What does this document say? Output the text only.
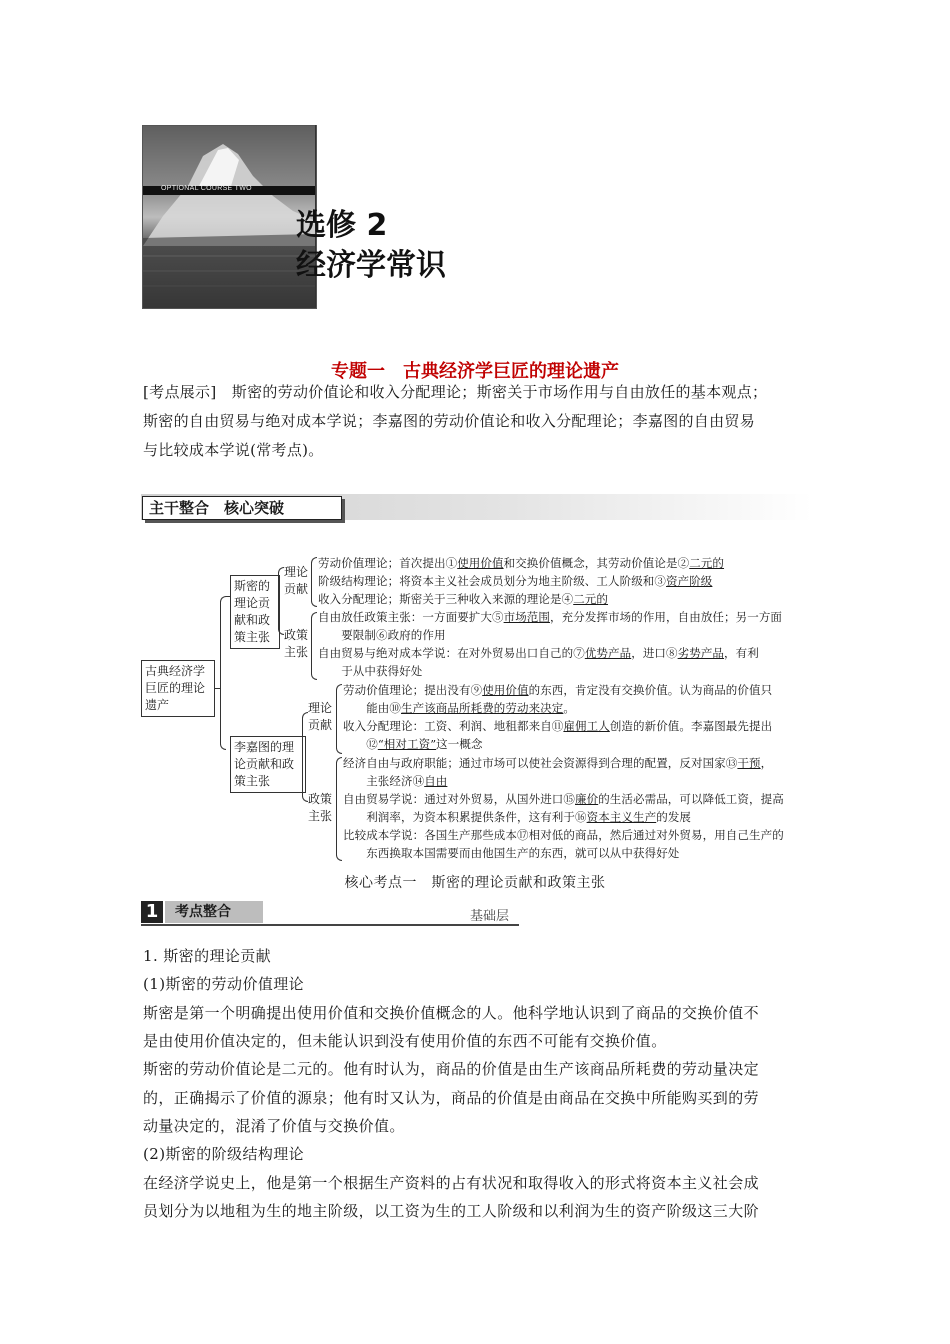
OPTIONAL COURSE TWO
选修 2
经济学常识
专题一　古典经济学巨匠的理论遗产
[考点展示]　斯密的劳动价值论和收入分配理论；斯密关于市场作用与自由放任的基本观点；
斯密的自由贸易与绝对成本学说；李嘉图的劳动价值论和收入分配理论；李嘉图的自由贸易
与比较成本学说(常考点)。
主干整合　核心突破
古典经济学
巨匠的理论
遗产
斯密的
理论贡
献和政
策主张
李嘉图的理
论贡献和政
策主张
理论
贡献
政策
主张
理论
贡献
政策
主张
劳动价值理论；首次提出①使用价值和交换价值概念，其劳动价值论是②二元的
阶级结构理论；将资本主义社会成员划分为地主阶级、工人阶级和③资产阶级
收入分配理论；斯密关于三种收入来源的理论是④二元的
自由放任政策主张：一方面要扩大⑤市场范围，充分发挥市场的作用，自由放任；另一方面
　　要限制⑥政府的作用
自由贸易与绝对成本学说：在对外贸易出口自己的⑦优势产品，进口⑧劣势产品，有利
　　于从中获得好处
劳动价值理论；提出没有⑨使用价值的东西，肯定没有交换价值。认为商品的价值只
　　能由⑩生产该商品所耗费的劳动来决定。
收入分配理论：工资、利润、地租都来自⑪雇佣工人创造的新价值。李嘉图最先提出
　　⑫“相对工资”这一概念
经济自由与政府职能；通过市场可以使社会资源得到合理的配置，反对国家⑬干预，
　　主张经济⑭自由
自由贸易学说：通过对外贸易，从国外进口⑮廉价的生活必需品，可以降低工资，提高
　　利润率，为资本积累提供条件，这有利于⑯资本主义生产的发展
比较成本学说：各国生产那些成本⑰相对低的商品，然后通过对外贸易，用自己生产的
　　东西换取本国需要而由他国生产的东西，就可以从中获得好处
核心考点一　斯密的理论贡献和政策主张
1	考点整合	基础层
1. 斯密的理论贡献
(1)斯密的劳动价值理论
斯密是第一个明确提出使用价值和交换价值概念的人。他科学地认识到了商品的交换价值不
是由使用价值决定的，但未能认识到没有使用价值的东西不可能有交换价值。
斯密的劳动价值论是二元的。他有时认为，商品的价值是由生产该商品所耗费的劳动量决定
的，正确揭示了价值的源泉；他有时又认为，商品的价值是由商品在交换中所能购买到的劳
动量决定的，混淆了价值与交换价值。
(2)斯密的阶级结构理论
在经济学说史上，他是第一个根据生产资料的占有状况和取得收入的形式将资本主义社会成
员划分为以地租为生的地主阶级，以工资为生的工人阶级和以利润为生的资产阶级这三大阶
